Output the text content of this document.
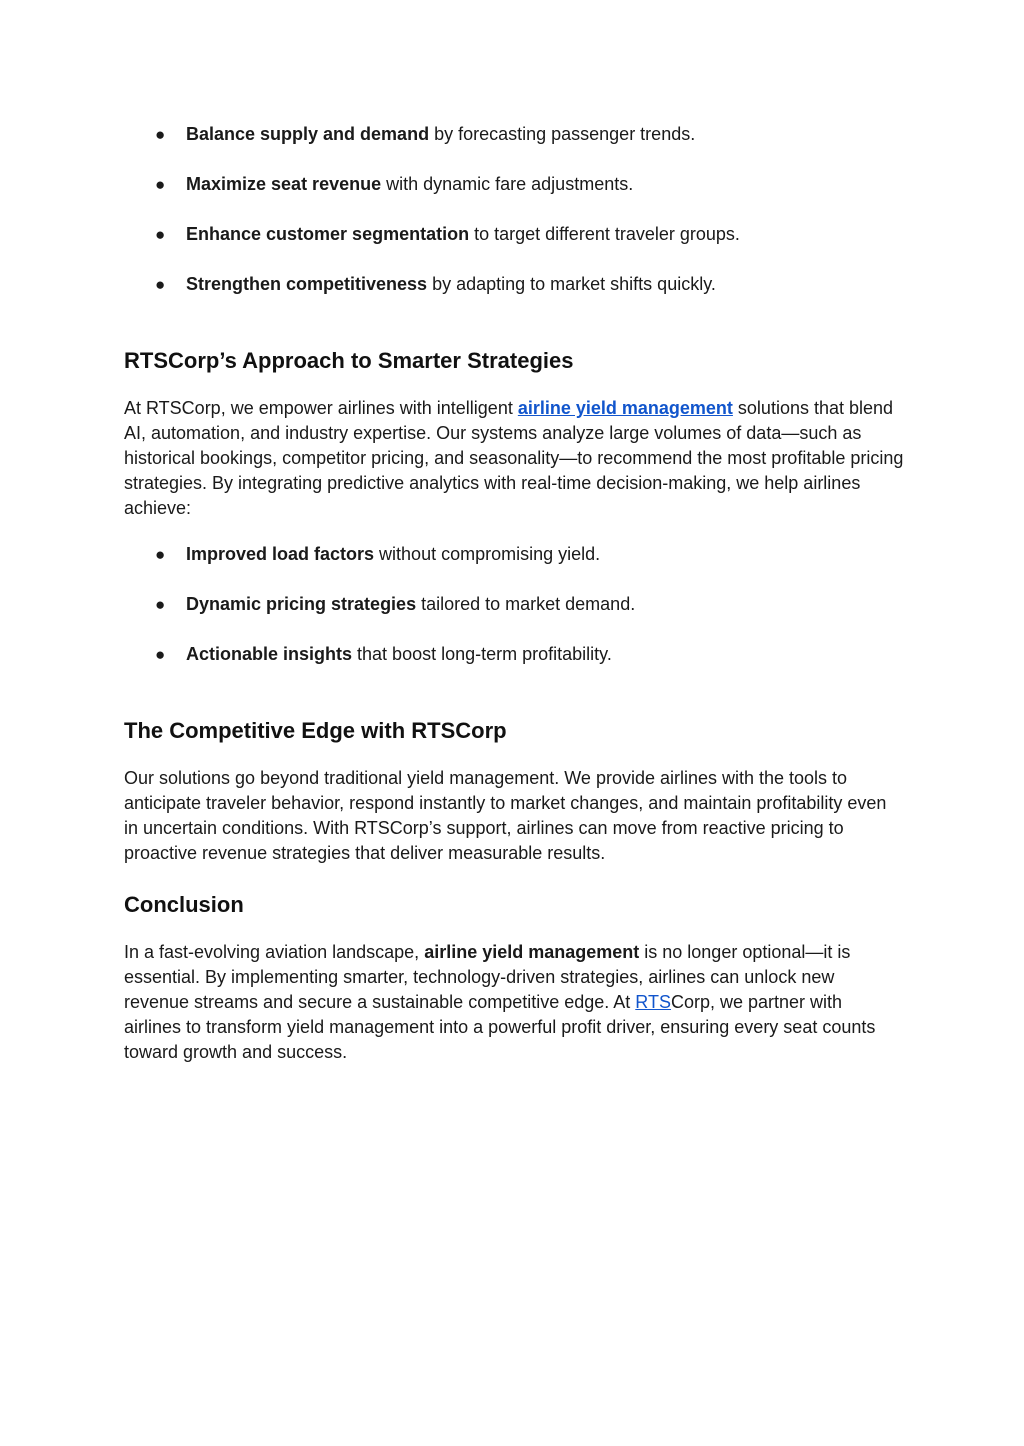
● Balance supply and demand by forecasting passenger trends.
● Maximize seat revenue with dynamic fare adjustments.
● Enhance customer segmentation to target different traveler groups.
● Strengthen competitiveness by adapting to market shifts quickly.
RTSCorp’s Approach to Smarter Strategies

At RTSCorp, we empower airlines with intelligent airline yield management solutions that blend AI, automation, and industry expertise. Our systems analyze large volumes of data—such as historical bookings, competitor pricing, and seasonality—to recommend the most profitable pricing strategies. By integrating predictive analytics with real-time decision-making, we help airlines achieve:

● Improved load factors without compromising yield.
● Dynamic pricing strategies tailored to market demand.
● Actionable insights that boost long-term profitability.
The Competitive Edge with RTSCorp

Our solutions go beyond traditional yield management. We provide airlines with the tools to anticipate traveler behavior, respond instantly to market changes, and maintain profitability even in uncertain conditions. With RTSCorp’s support, airlines can move from reactive pricing to proactive revenue strategies that deliver measurable results.

Conclusion

In a fast-evolving aviation landscape, airline yield management is no longer optional—it is essential. By implementing smarter, technology-driven strategies, airlines can unlock new revenue streams and secure a sustainable competitive edge. At RTSCorp, we partner with airlines to transform yield management into a powerful profit driver, ensuring every seat counts toward growth and success.
